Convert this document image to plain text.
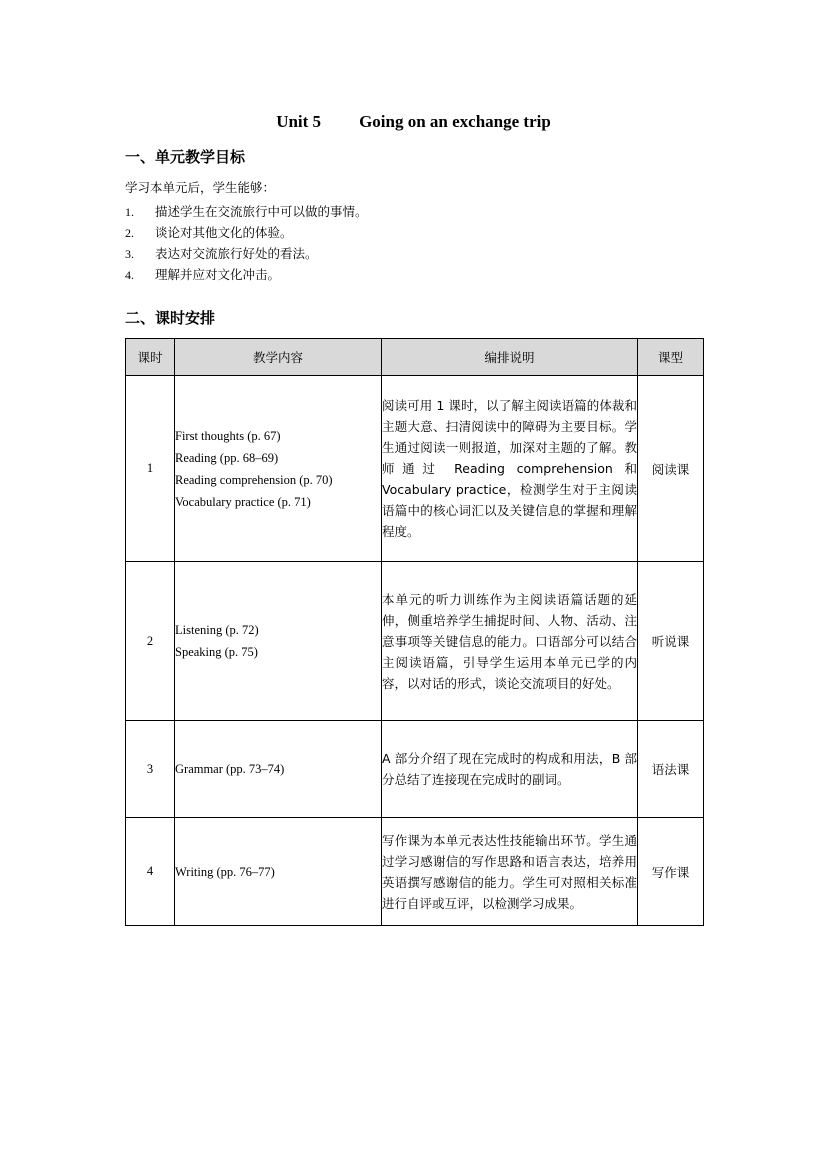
Unit 5 Going on an exchange trip
一、单元教学目标
学习本单元后，学生能够：
1. 描述学生在交流旅行中可以做的事情。
2. 谈论对其他文化的体验。
3. 表达对交流旅行好处的看法。
4. 理解并应对文化冲击。
二、课时安排
课时	教学内容	编排说明	课型
1	First thoughts (p. 67)
Reading (pp. 68–69)
Reading comprehension (p. 70)
Vocabulary practice (p. 71)	阅读可用 1 课时，以了解主阅读语篇的体裁和主题大意、扫清阅读中的障碍为主要目标。学生通过阅读一则报道，加深对主题的了解。教师通过 Reading comprehension 和 Vocabulary practice，检测学生对于主阅读语篇中的核心词汇以及关键信息的掌握和理解程度。	阅读课
2	Listening (p. 72)
Speaking (p. 75)	本单元的听力训练作为主阅读语篇话题的延伸，侧重培养学生捕捉时间、人物、活动、注意事项等关键信息的能力。口语部分可以结合主阅读语篇，引导学生运用本单元已学的内容，以对话的形式，谈论交流项目的好处。	听说课
3	Grammar (pp. 73–74)	A 部分介绍了现在完成时的构成和用法，B 部分总结了连接现在完成时的副词。	语法课
4	Writing (pp. 76–77)	写作课为本单元表达性技能输出环节。学生通过学习感谢信的写作思路和语言表达，培养用英语撰写感谢信的能力。学生可对照相关标准进行自评或互评，以检测学习成果。	写作课
